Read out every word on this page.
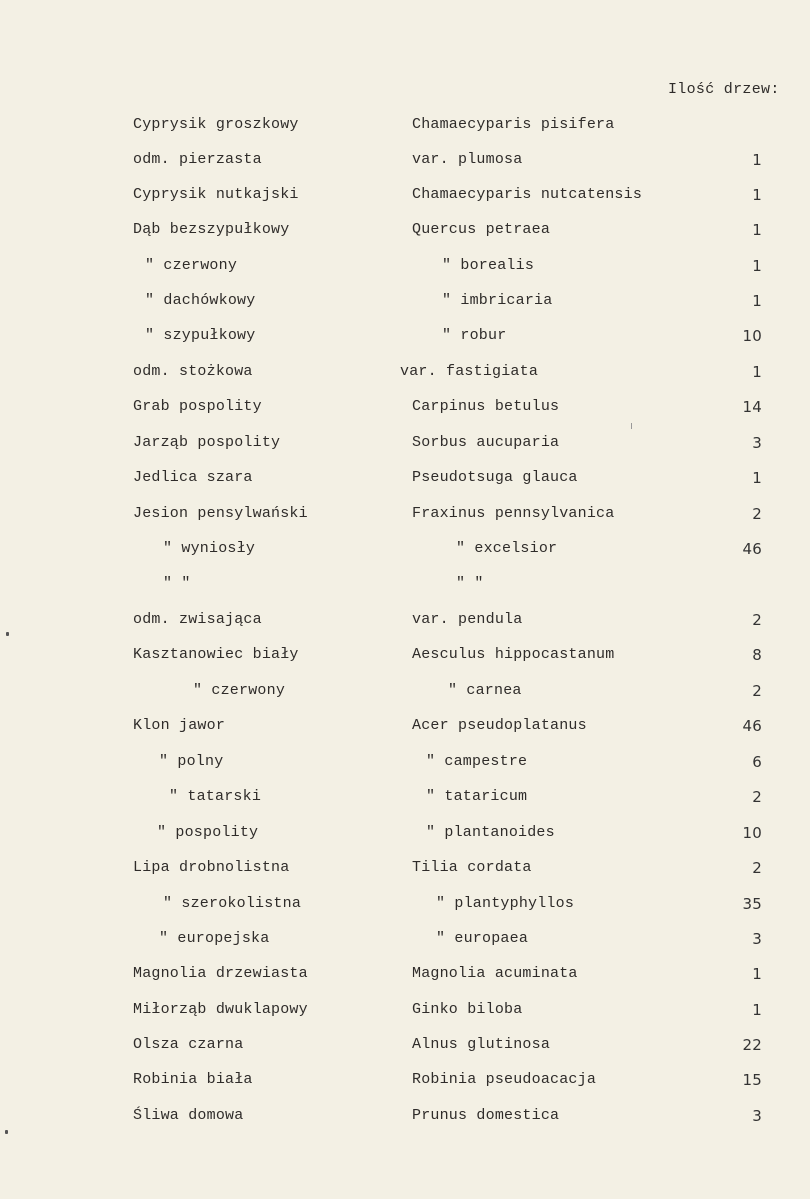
Ilość drzew:
Cyprysik groszkowy	Chamaecyparis pisifera
odm. pierzasta	var. plumosa	1
Cyprysik nutkajski	Chamaecyparis nutcatensis	1
Dąb bezszypułkowy	Quercus petraea	1
" czerwony	" borealis	1
" dachówkowy	" imbricaria	1
" szypułkowy	" robur	10
odm. stożkowa	var. fastigiata	1
Grab pospolity	Carpinus betulus	14
Jarząb pospolity	Sorbus aucuparia	3
Jedlica szara	Pseudotsuga glauca	1
Jesion pensylwański	Fraxinus pennsylvanica	2
" wyniosły	" excelsior	46
" "	" "
odm. zwisająca	var. pendula	2
Kasztanowiec biały	Aesculus hippocastanum	8
" czerwony	" carnea	2
Klon jawor	Acer pseudoplatanus	46
" polny	" campestre	6
" tatarski	" tataricum	2
" pospolity	" plantanoides	10
Lipa drobnolistna	Tilia cordata	2
" szerokolistna	" plantyphyllos	35
" europejska	" europaea	3
Magnolia drzewiasta	Magnolia acuminata	1
Miłorząb dwuklapowy	Ginko biloba	1
Olsza czarna	Alnus glutinosa	22
Robinia biała	Robinia pseudoacacja	15
Śliwa domowa	Prunus domestica	3
